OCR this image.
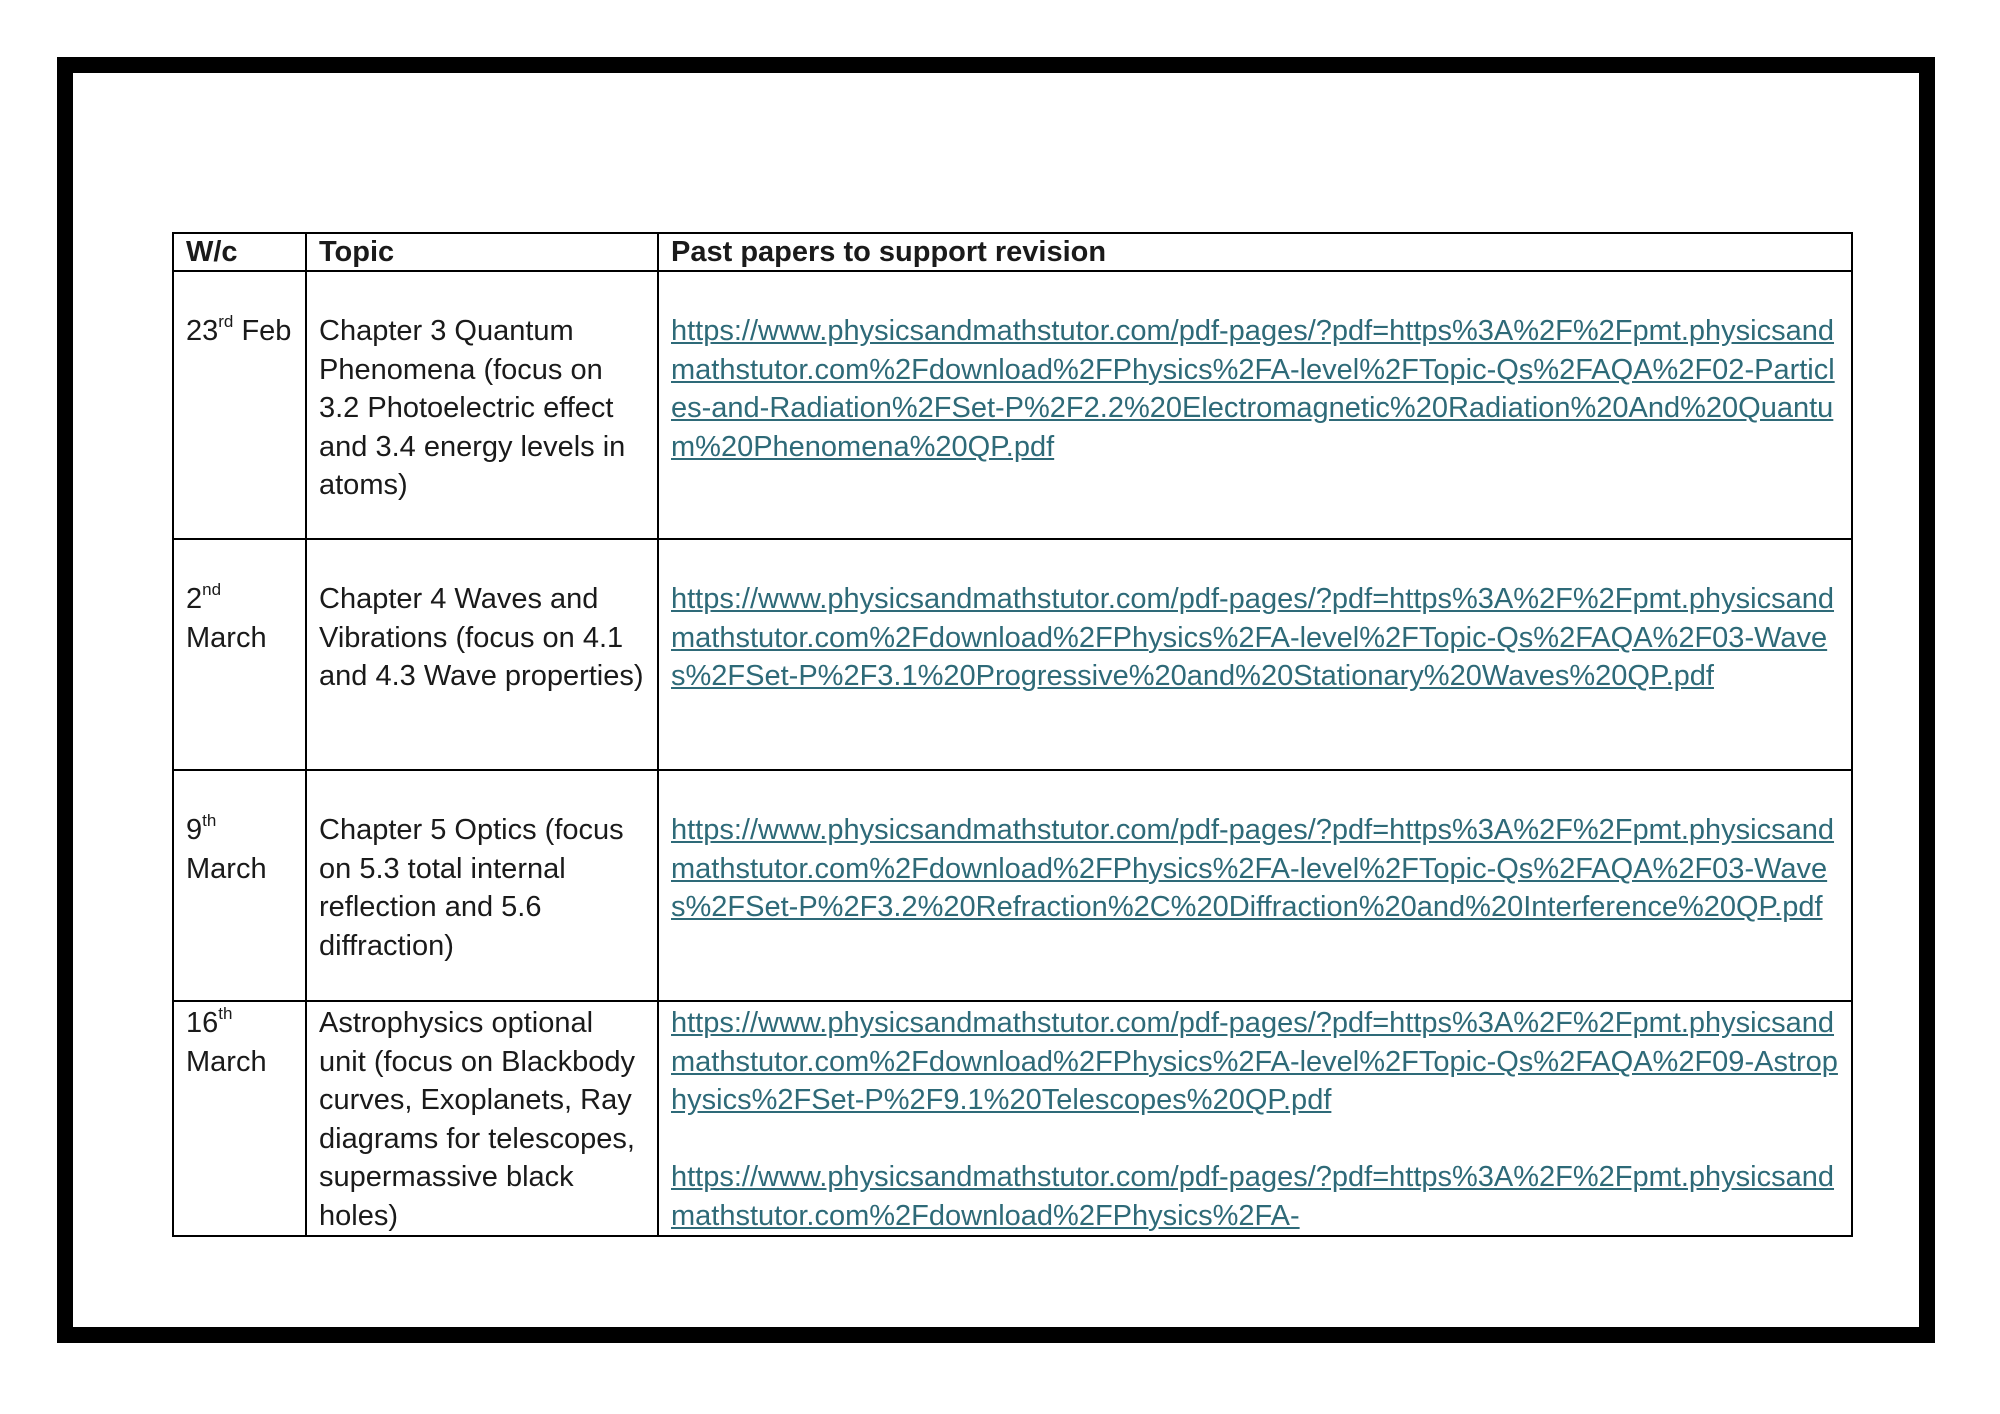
W/c	Topic	Past papers to support revision
23rd Feb	Chapter 3 Quantum Phenomena (focus on 3.2 Photoelectric effect and 3.4 energy levels in atoms)	https://www.physicsandmathstutor.com/pdf-pages/?pdf=https%3A%2F%2Fpmt.physicsandmathstutor.com%2Fdownload%2FPhysics%2FA-level%2FTopic-Qs%2FAQA%2F02-Particles-and-Radiation%2FSet-P%2F2.2%20Electromagnetic%20Radiation%20And%20Quantum%20Phenomena%20QP.pdf

2nd March	Chapter 4 Waves and Vibrations (focus on 4.1 and 4.3 Wave properties)	https://www.physicsandmathstutor.com/pdf-pages/?pdf=https%3A%2F%2Fpmt.physicsandmathstutor.com%2Fdownload%2FPhysics%2FA-level%2FTopic-Qs%2FAQA%2F03-Waves%2FSet-P%2F3.1%20Progressive%20and%20Stationary%20Waves%20QP.pdf

9th March	Chapter 5 Optics (focus on 5.3 total internal reflection and 5.6 diffraction)	https://www.physicsandmathstutor.com/pdf-pages/?pdf=https%3A%2F%2Fpmt.physicsandmathstutor.com%2Fdownload%2FPhysics%2FA-level%2FTopic-Qs%2FAQA%2F03-Waves%2FSet-P%2F3.2%20Refraction%2C%20Diffraction%20and%20Interference%20QP.pdf

16th March	Astrophysics optional unit (focus on Blackbody curves, Exoplanets, Ray diagrams for telescopes, supermassive black holes)	https://www.physicsandmathstutor.com/pdf-pages/?pdf=https%3A%2F%2Fpmt.physicsandmathstutor.com%2Fdownload%2FPhysics%2FA-level%2FTopic-Qs%2FAQA%2F09-Astrophysics%2FSet-P%2F9.1%20Telescopes%20QP.pdf
https://www.physicsandmathstutor.com/pdf-pages/?pdf=https%3A%2F%2Fpmt.physicsandmathstutor.com%2Fdownload%2FPhysics%2FA-
